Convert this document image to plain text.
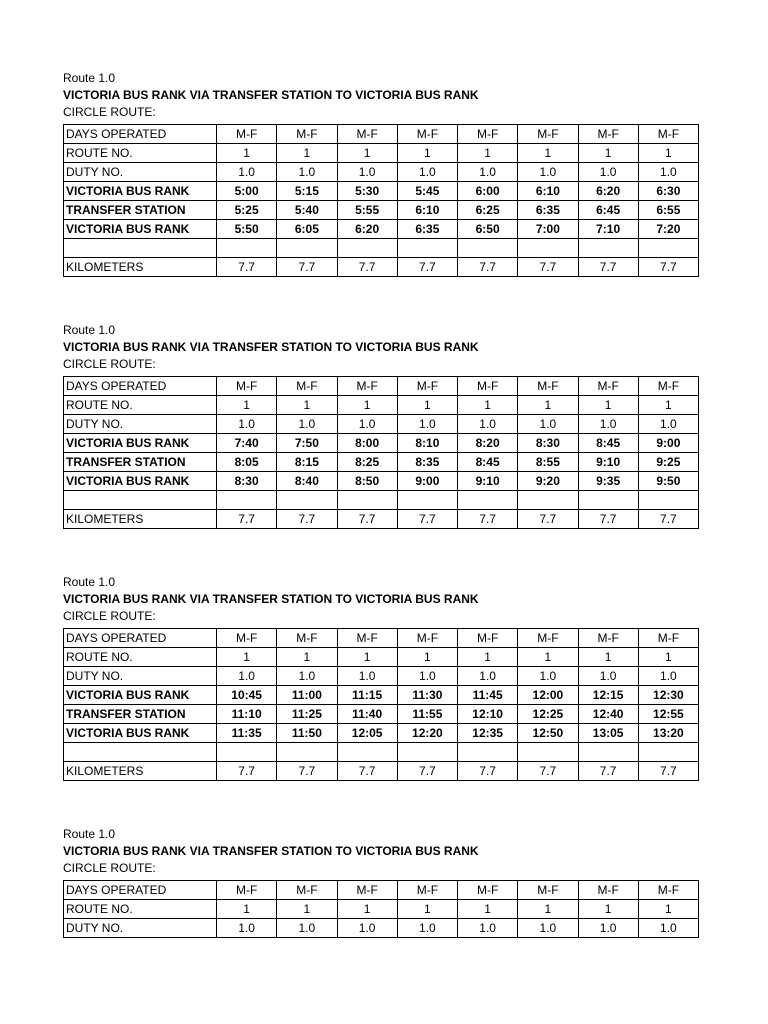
Route 1.0
VICTORIA BUS RANK VIA TRANSFER STATION TO VICTORIA BUS RANK
CIRCLE ROUTE:
DAYS OPERATED	M-F	M-F	M-F	M-F	M-F	M-F	M-F	M-F
ROUTE NO.	1	1	1	1	1	1	1	1
DUTY NO.	1.0	1.0	1.0	1.0	1.0	1.0	1.0	1.0
VICTORIA BUS RANK	5:00	5:15	5:30	5:45	6:00	6:10	6:20	6:30
TRANSFER STATION	5:25	5:40	5:55	6:10	6:25	6:35	6:45	6:55
VICTORIA BUS RANK	5:50	6:05	6:20	6:35	6:50	7:00	7:10	7:20

KILOMETERS	7.7	7.7	7.7	7.7	7.7	7.7	7.7	7.7
Route 1.0
VICTORIA BUS RANK VIA TRANSFER STATION TO VICTORIA BUS RANK
CIRCLE ROUTE:
DAYS OPERATED	M-F	M-F	M-F	M-F	M-F	M-F	M-F	M-F
ROUTE NO.	1	1	1	1	1	1	1	1
DUTY NO.	1.0	1.0	1.0	1.0	1.0	1.0	1.0	1.0
VICTORIA BUS RANK	7:40	7:50	8:00	8:10	8:20	8:30	8:45	9:00
TRANSFER STATION	8:05	8:15	8:25	8:35	8:45	8:55	9:10	9:25
VICTORIA BUS RANK	8:30	8:40	8:50	9:00	9:10	9:20	9:35	9:50

KILOMETERS	7.7	7.7	7.7	7.7	7.7	7.7	7.7	7.7
Route 1.0
VICTORIA BUS RANK VIA TRANSFER STATION TO VICTORIA BUS RANK
CIRCLE ROUTE:
DAYS OPERATED	M-F	M-F	M-F	M-F	M-F	M-F	M-F	M-F
ROUTE NO.	1	1	1	1	1	1	1	1
DUTY NO.	1.0	1.0	1.0	1.0	1.0	1.0	1.0	1.0
VICTORIA BUS RANK	10:45	11:00	11:15	11:30	11:45	12:00	12:15	12:30
TRANSFER STATION	11:10	11:25	11:40	11:55	12:10	12:25	12:40	12:55
VICTORIA BUS RANK	11:35	11:50	12:05	12:20	12:35	12:50	13:05	13:20

KILOMETERS	7.7	7.7	7.7	7.7	7.7	7.7	7.7	7.7
Route 1.0
VICTORIA BUS RANK VIA TRANSFER STATION TO VICTORIA BUS RANK
CIRCLE ROUTE:
DAYS OPERATED	M-F	M-F	M-F	M-F	M-F	M-F	M-F	M-F
ROUTE NO.	1	1	1	1	1	1	1	1
DUTY NO.	1.0	1.0	1.0	1.0	1.0	1.0	1.0	1.0
